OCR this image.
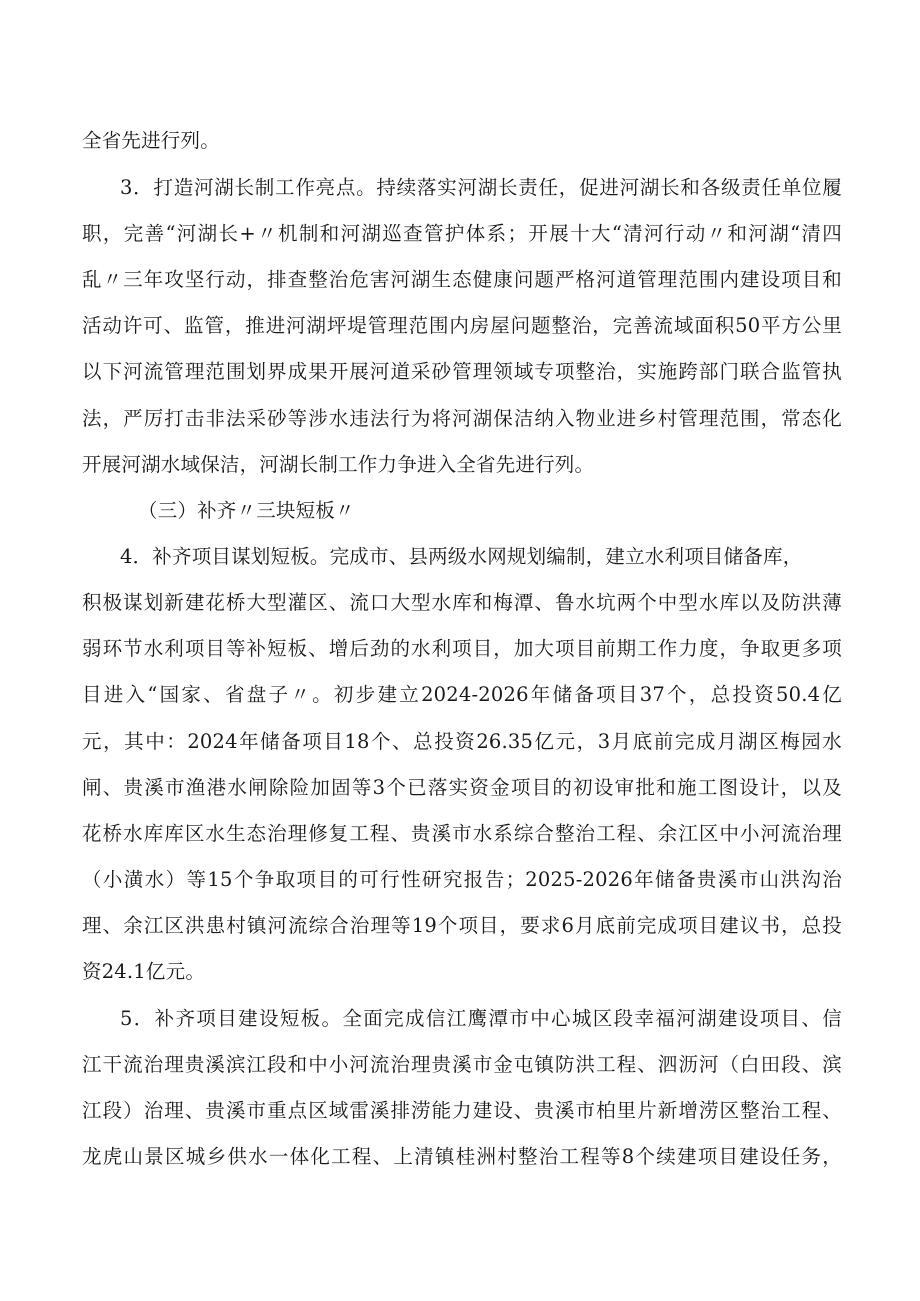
全省先进行列。
3．打造河湖长制工作亮点。持续落实河湖长责任，促进河湖长和各级责任单位履
职，完善“河湖长+〃机制和河湖巡查管护体系；开展十大“清河行动〃和河湖“清四
乱〃三年攻坚行动，排查整治危害河湖生态健康问题严格河道管理范围内建设项目和
活动许可、监管，推进河湖坪堤管理范围内房屋问题整治，完善流域面积50平方公里
以下河流管理范围划界成果开展河道采砂管理领域专项整治，实施跨部门联合监管执
法，严厉打击非法采砂等涉水违法行为将河湖保洁纳入物业进乡村管理范围，常态化
开展河湖水域保洁，河湖长制工作力争进入全省先进行列。
（三）补齐〃三块短板〃
4．补齐项目谋划短板。完成市、县两级水网规划编制，建立水利项目储备库，
积极谋划新建花桥大型灌区、流口大型水库和梅潭、鲁水坑两个中型水库以及防洪薄
弱环节水利项目等补短板、增后劲的水利项目，加大项目前期工作力度，争取更多项
目进入“国家、省盘子〃。初步建立2024-2026年储备项目37个，总投资50.4亿
元，其中：2024年储备项目18个、总投资26.35亿元，3月底前完成月湖区梅园水
闸、贵溪市渔港水闸除险加固等3个已落实资金项目的初设审批和施工图设计，以及
花桥水库库区水生态治理修复工程、贵溪市水系综合整治工程、余江区中小河流治理
（小潢水）等15个争取项目的可行性研究报告；2025-2026年储备贵溪市山洪沟治
理、余江区洪患村镇河流综合治理等19个项目，要求6月底前完成项目建议书，总投
资24.1亿元。
5．补齐项目建设短板。全面完成信江鹰潭市中心城区段幸福河湖建设项目、信
江干流治理贵溪滨江段和中小河流治理贵溪市金屯镇防洪工程、泗沥河（白田段、滨
江段）治理、贵溪市重点区域雷溪排涝能力建设、贵溪市柏里片新增涝区整治工程、
龙虎山景区城乡供水一体化工程、上清镇桂洲村整治工程等8个续建项目建设任务，
